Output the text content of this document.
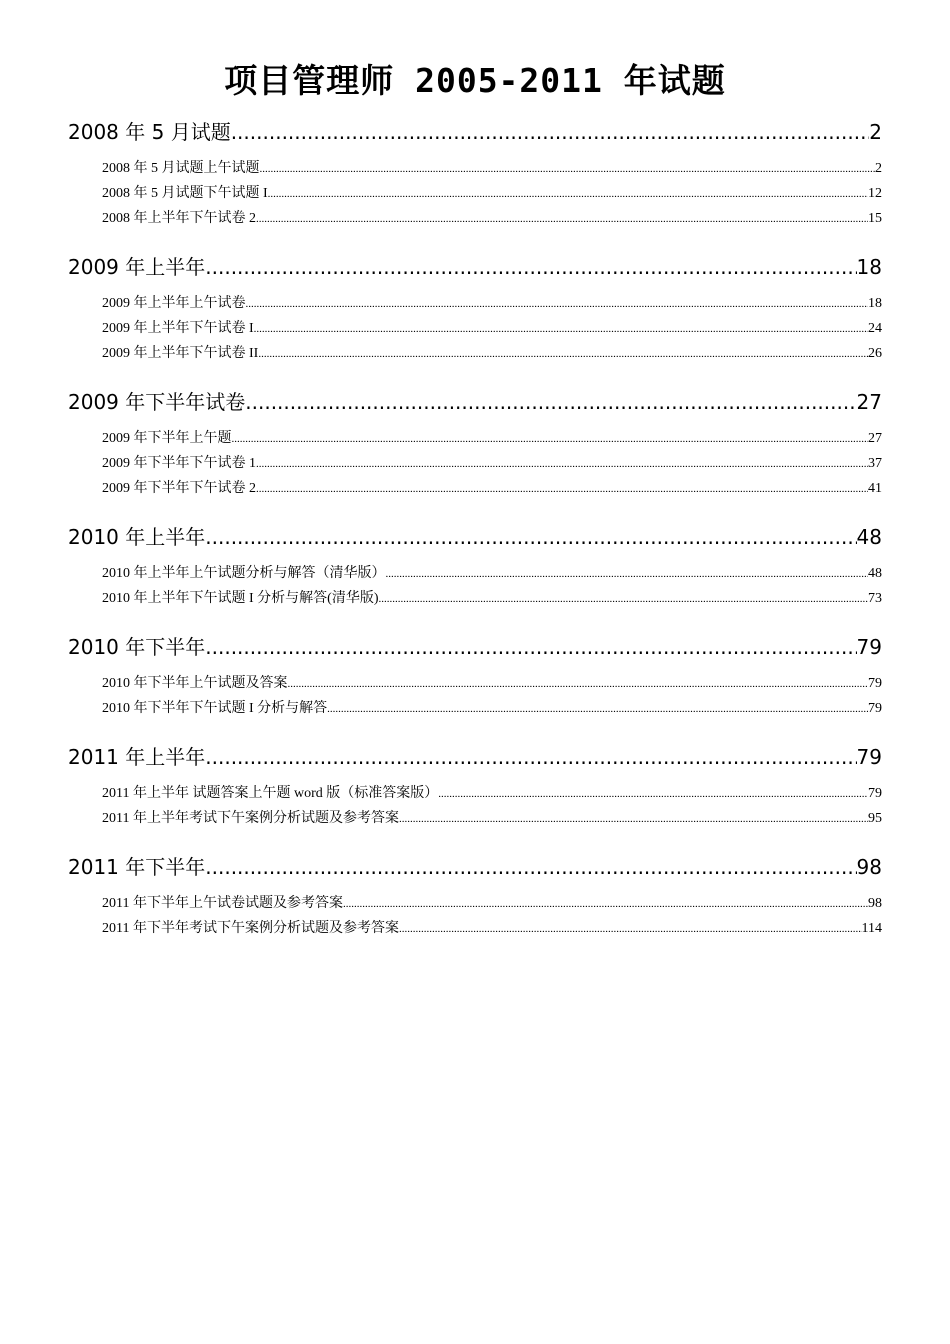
项目管理师 2005-2011 年试题
2008 年 5 月试题 .....	2
2008 年 5 月试题上午试题 .....	2
2008 年 5 月试题下午试题 I .....	12
2008 年上半年下午试卷 2 .....	15
2009 年上半年 .....	18
2009 年上半年上午试卷 .....	18
2009 年上半年下午试卷 I .....	24
2009 年上半年下午试卷 II .....	26
2009 年下半年试卷 .....	27
2009 年下半年上午题 .....	27
2009 年下半年下午试卷 1 .....	37
2009 年下半年下午试卷 2 .....	41
2010 年上半年 .....	48
2010 年上半年上午试题分析与解答（清华版） .....	48
2010 年上半年下午试题 I 分析与解答(清华版) .....	73
2010 年下半年 .....	79
2010 年下半年上午试题及答案 .....	79
2010 年下半年下午试题 I 分析与解答 .....	79
2011 年上半年 .....	79
2011 年上半年 试题答案上午题 word 版（标准答案版） .....	79
2011 年上半年考试下午案例分析试题及参考答案 .....	95
2011 年下半年 .....	98
2011 年下半年上午试卷试题及参考答案 .....	98
2011 年下半年考试下午案例分析试题及参考答案 .....	114
